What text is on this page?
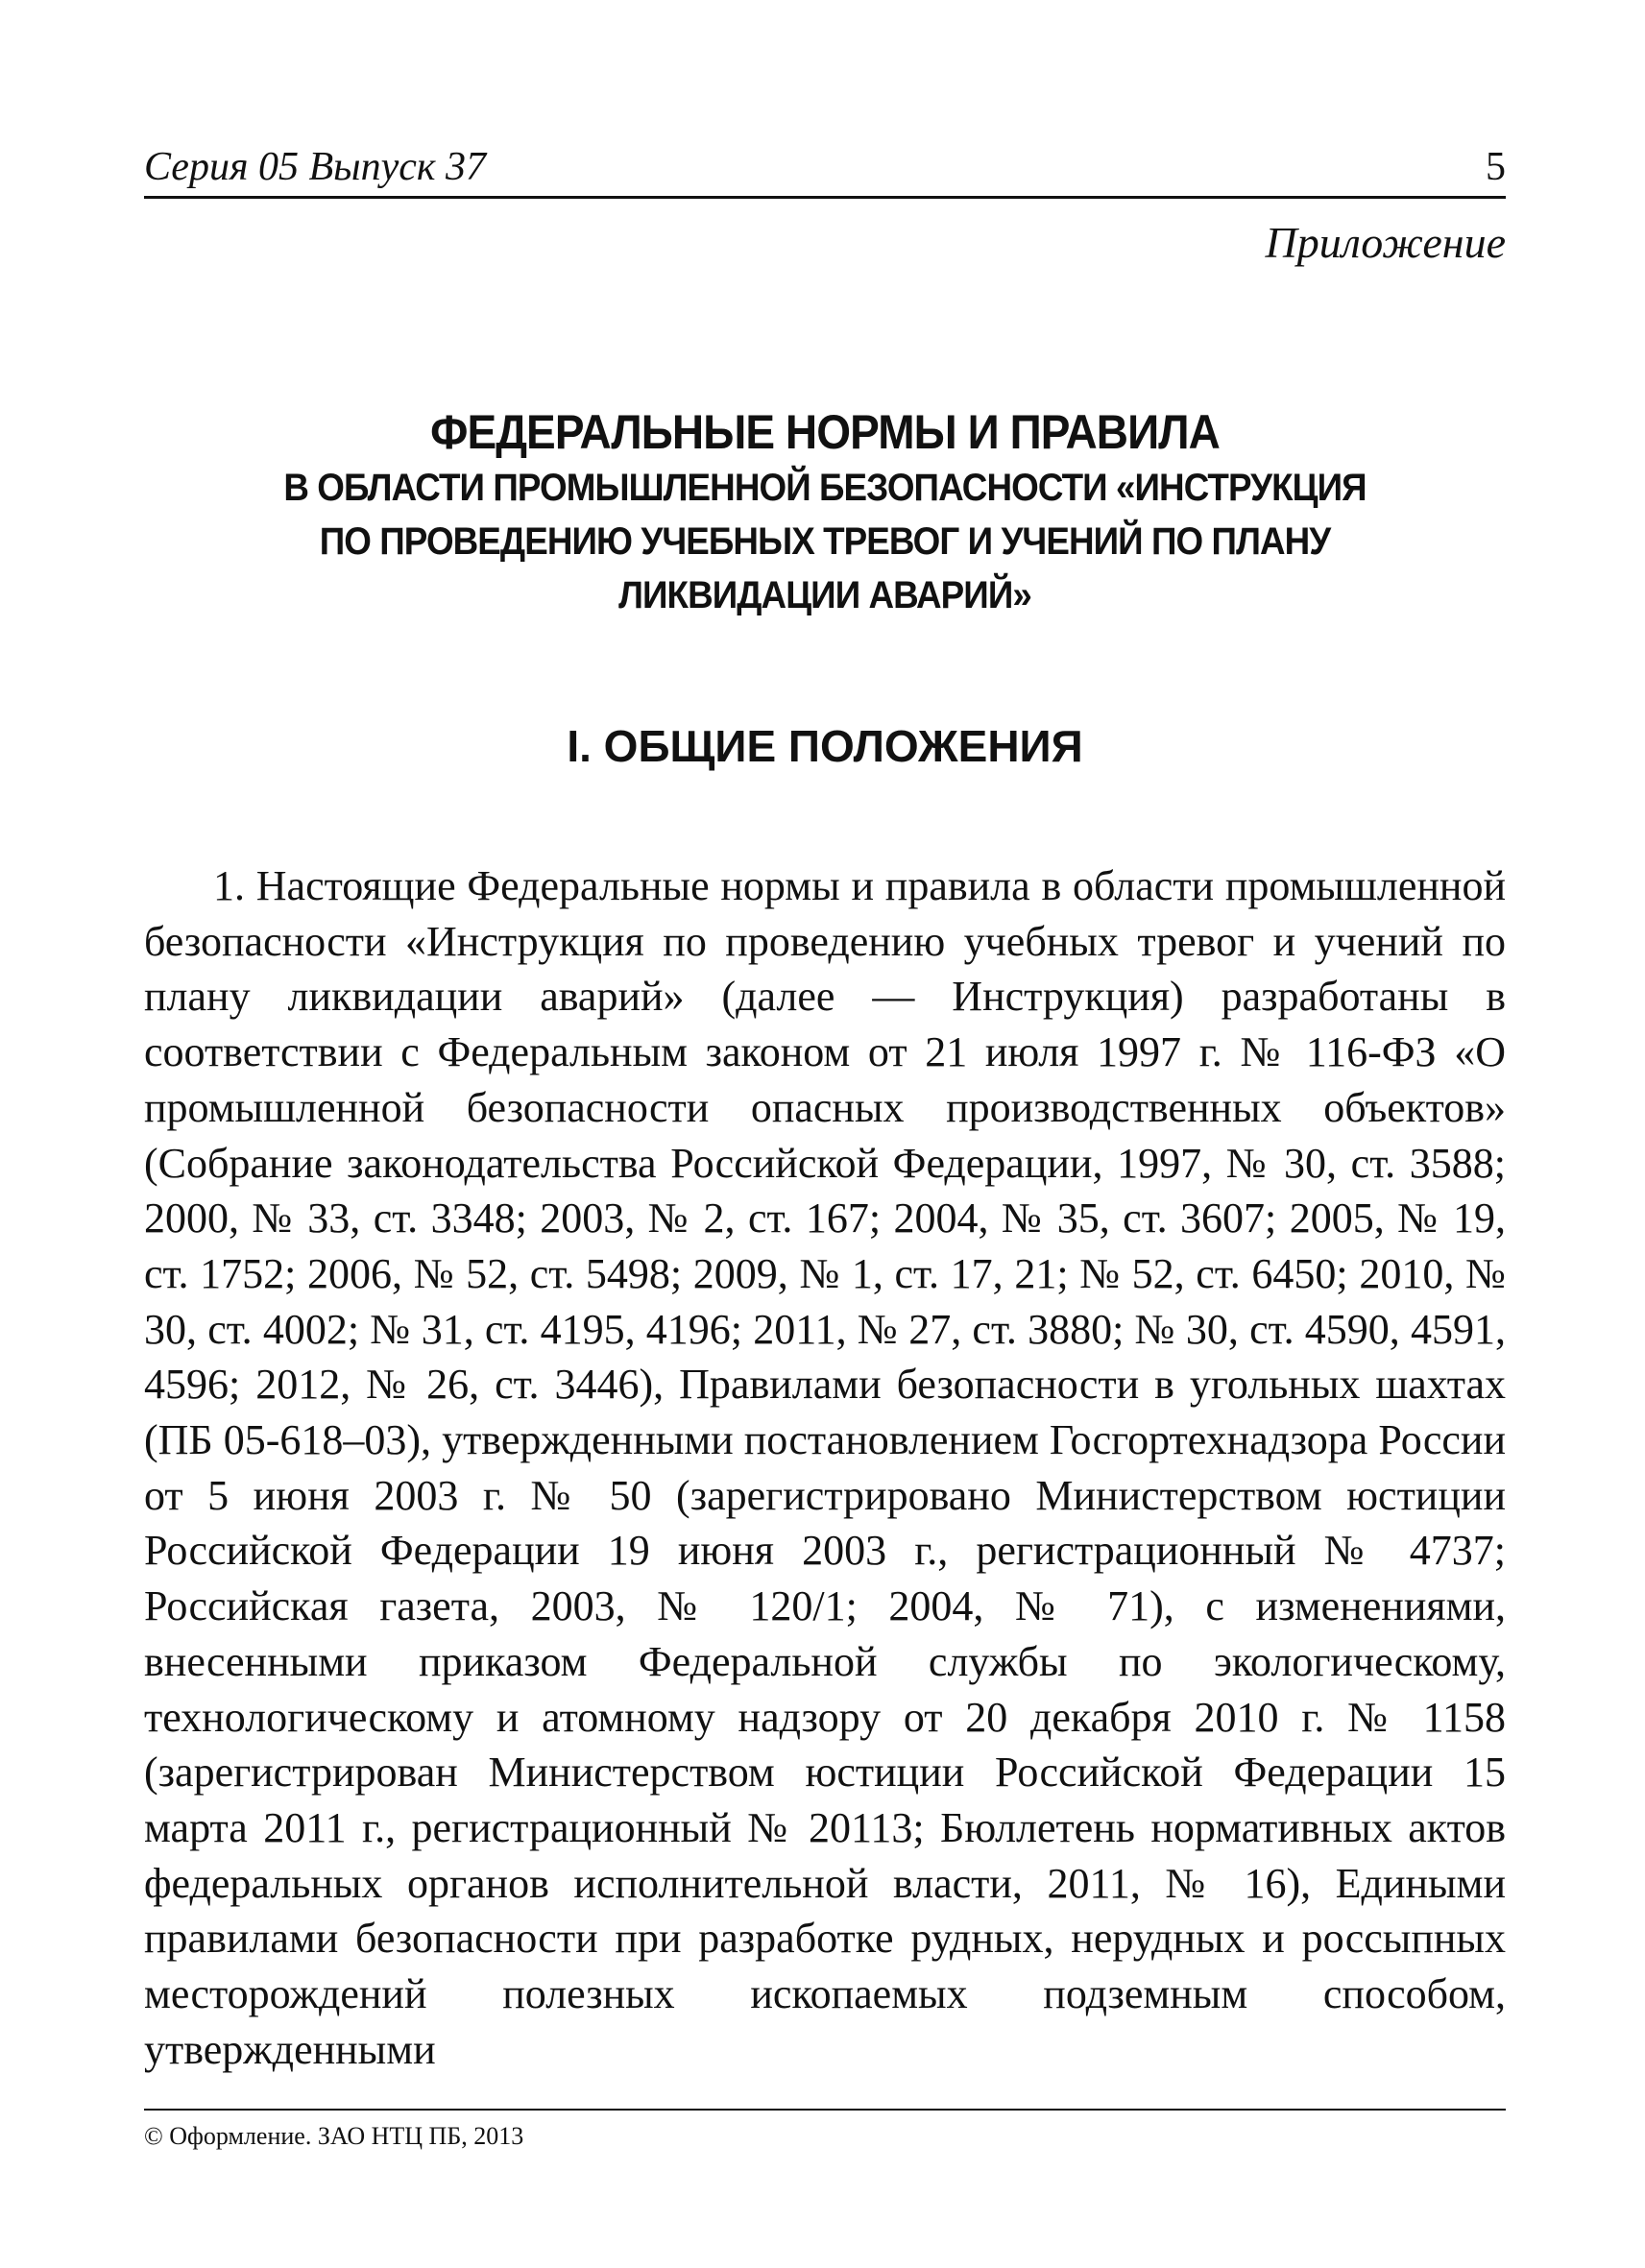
Серия 05 Выпуск 37	5
Приложение
ФЕДЕРАЛЬНЫЕ НОРМЫ И ПРАВИЛА
В ОБЛАСТИ ПРОМЫШЛЕННОЙ БЕЗОПАСНОСТИ «ИНСТРУКЦИЯ
ПО ПРОВЕДЕНИЮ УЧЕБНЫХ ТРЕВОГ И УЧЕНИЙ ПО ПЛАНУ
ЛИКВИДАЦИИ АВАРИЙ»
I. ОБЩИЕ ПОЛОЖЕНИЯ

1. Настоящие Федеральные нормы и правила в области промышленной безопасности «Инструкция по проведению учебных тревог и учений по плану ликвидации аварий» (далее — Инструкция) разработаны в соответствии с Федеральным законом от 21 июля 1997 г. № 116-ФЗ «О промышленной безопасности опасных производственных объектов» (Собрание законодательства Российской Федерации, 1997, № 30, ст. 3588; 2000, № 33, ст. 3348; 2003, № 2, ст. 167; 2004, № 35, ст. 3607; 2005, № 19, ст. 1752; 2006, № 52, ст. 5498; 2009, № 1, ст. 17, 21; № 52, ст. 6450; 2010, № 30, ст. 4002; № 31, ст. 4195, 4196; 2011, № 27, ст. 3880; № 30, ст. 4590, 4591, 4596; 2012, № 26, ст. 3446), Правилами безопасности в угольных шахтах (ПБ 05-618–03), утвержденными постановлением Госгортехнадзора России от 5 июня 2003 г. № 50 (зарегистрировано Министерством юстиции Российской Федерации 19 июня 2003 г., регистрационный № 4737; Российская газета, 2003, № 120/1; 2004, № 71), с изменениями, внесенными приказом Федеральной службы по экологическому, технологическому и атомному надзору от 20 декабря 2010 г. № 1158 (зарегистрирован Министерством юстиции Российской Федерации 15 марта 2011 г., регистрационный № 20113; Бюллетень нормативных актов федеральных органов исполнительной власти, 2011, № 16), Едиными правилами безопасности при разработке рудных, нерудных и россыпных месторождений полезных ископаемых подземным способом, утвержденными

© Оформление. ЗАО НТЦ ПБ, 2013
